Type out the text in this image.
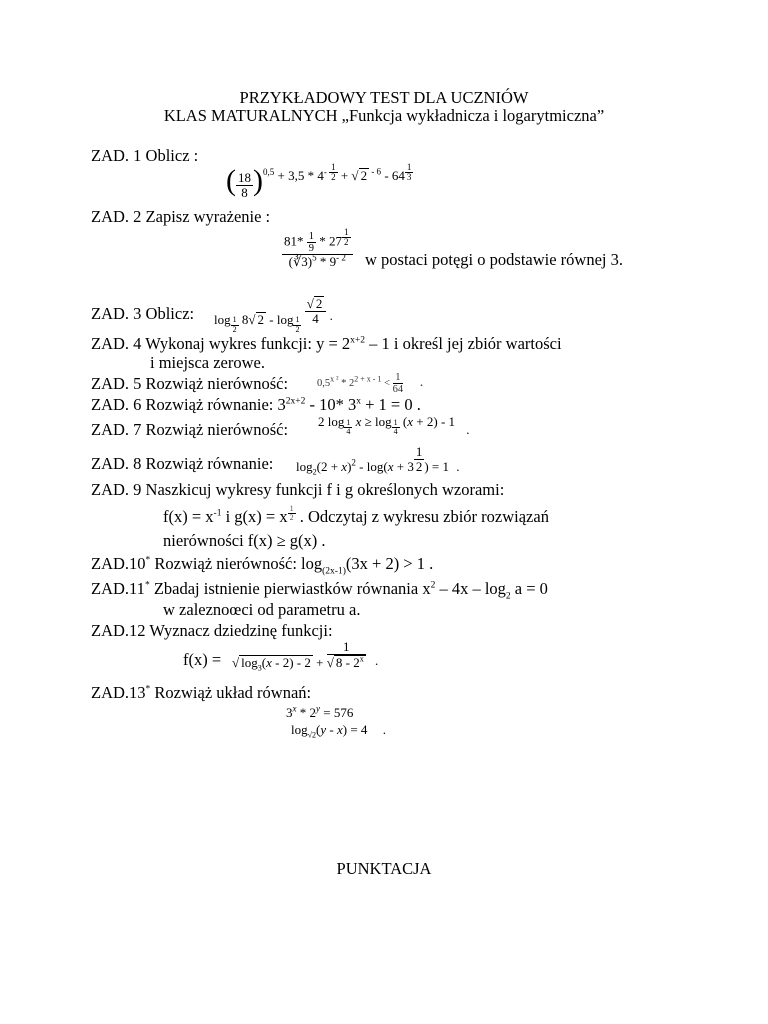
PRZYKŁADOWY TEST DLA UCZNIÓW
KLAS MATURALNYCH „Funkcja wykładnicza i logarytmiczna”
ZAD. 1 Oblicz :
( $\frac{18}{8} )^{0,5} + 3,5 * 4^{- \frac{1}{2}}$ + √ 2 $^{- 6}$ - 64 $^{\frac{1}{3}}$
ZAD. 2 Zapisz wyrażenie :
$81* \frac{1}{9} * 27$ $^{\frac{1}{2}}$
(∛3)$^5$ * $9^{- 2}$ w postaci potęgi o podstawie równej 3.
ZAD. 3 Oblicz: log $_{\frac{1}{2}}$ 8√ 2 - log $_{\frac{1}{2}}$

$\frac{√ 2}{4}$ .
ZAD. 4 Wykonaj wykres funkcji: $y = 2^{x+2} - 1$ i określ jej zbiór wartości
i miejsca zerowe.
ZAD. 5 Rozwiąż nierówność:	$0,5^{x ^2} * 2^{2 + x - 1} < \frac{1}{64}$ .
ZAD. 6 Rozwiąż równanie: $3^{2x+2} - 10*$ $3^x + 1 = 0$ .
ZAD. 7 Rozwiąż nierówność: 2 log $_{\frac{1}{4}}$ x ≥ log $_{\frac{1}{4}}$ (x + 2) - 1 .
ZAD. 8 Rozwiąż równanie: $\log_2(2 + x)^2 - \log(x + 3 \frac{1}{2}$ ) = 1 .
ZAD. 9 Naszkicuj wykresy funkcji f i g określonych wzorami:
$f(x) = x^{-1}$ i g(x) = x $^{\frac{1}{2}}$ . Odczytaj z wykresu zbiór rozwiązań
nierówności f(x) ≥ g(x) .
ZAD.10* Rozwiąż nierówność: $\log_{(2x-1)}(3x + 2) > 1$ .
ZAD.11* Zbadaj istnienie pierwiastków równania $x^2 - 4x - \log_2 a = 0$
w zaleznoœci od parametru a.
ZAD.12 Wyznacz dziedzinę funkcji:
f(x) = √ $\log_3(x - 2) - 2 + \frac{1}{√ 8 - 2^x}$ .
ZAD.13* Rozwiąż układ równań:
$3^x * 2^y = 576$
$\log_{√2}(y - x) = 4$ .
PUNKTACJA
